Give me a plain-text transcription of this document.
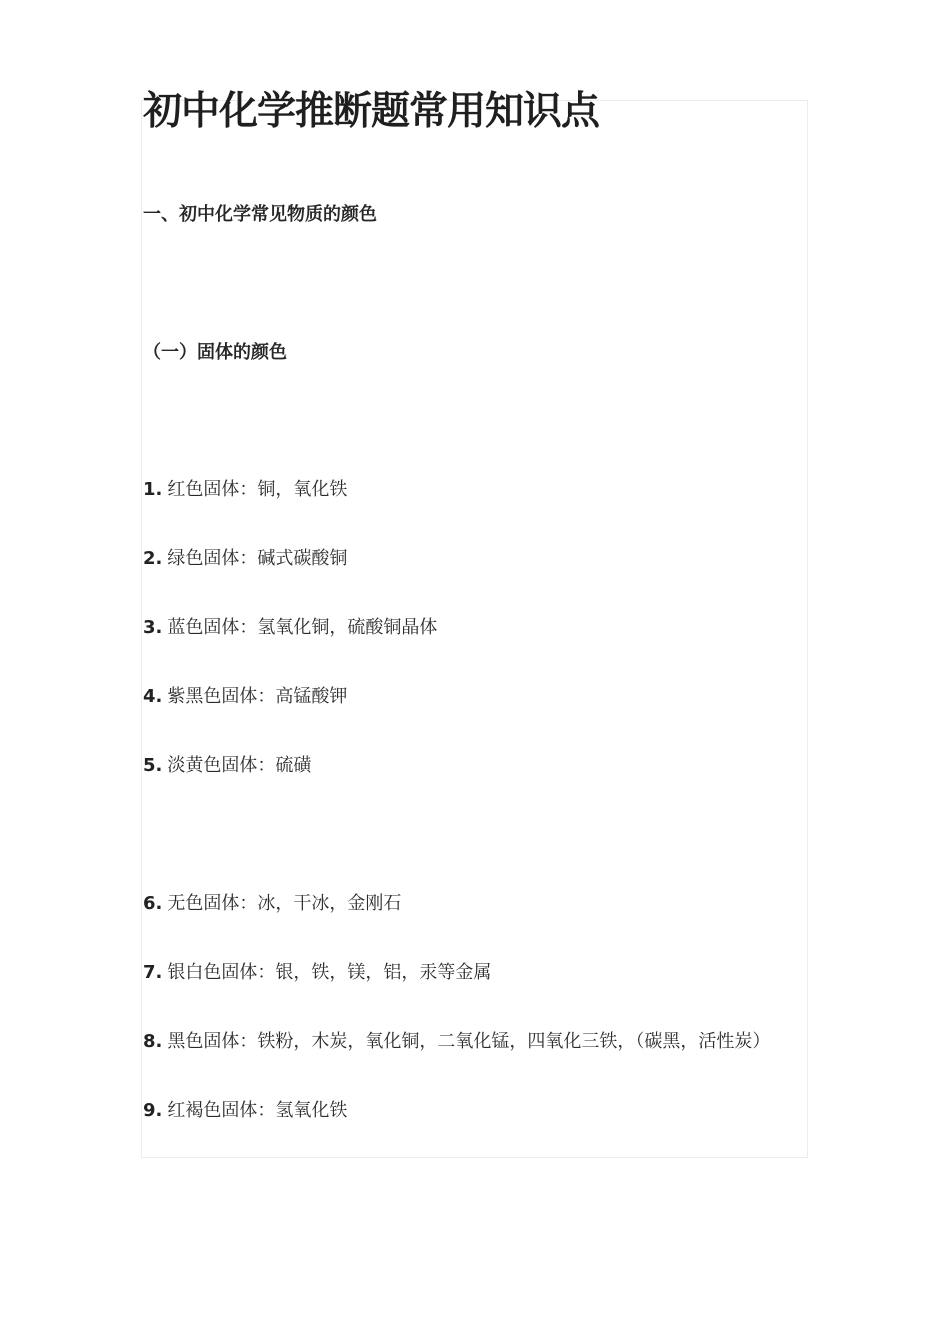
初中化学推断题常用知识点

一、初中化学常见物质的颜色

（一）固体的颜色

1. 红色固体：铜，氧化铁

2. 绿色固体：碱式碳酸铜

3. 蓝色固体：氢氧化铜，硫酸铜晶体

4. 紫黑色固体：高锰酸钾

5. 淡黄色固体：硫磺

6. 无色固体：冰，干冰，金刚石

7. 银白色固体：银，铁，镁，铝，汞等金属

8. 黑色固体：铁粉，木炭，氧化铜，二氧化锰，四氧化三铁，（碳黑，活性炭）

9. 红褐色固体：氢氧化铁
